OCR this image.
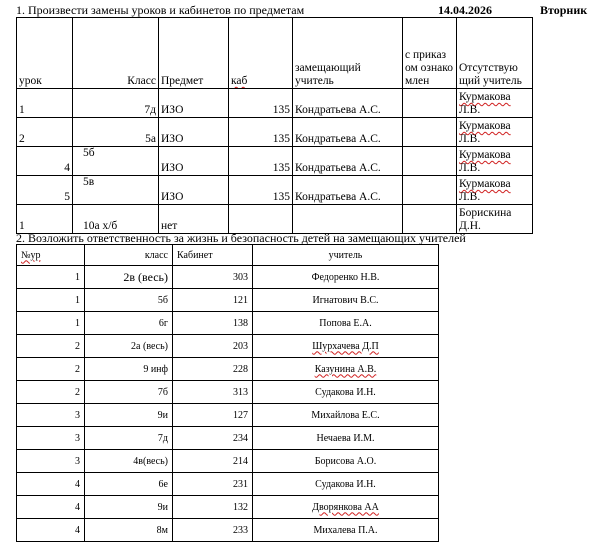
1. Произвести замены уроков и кабинетов по предметам	14.04.2026	Вторник
урок	Класс	Предмет	каб	замещающий учитель	с приказ ом ознако млен	Отсутствую щий учитель
1	7д	ИЗО	135	Кондратьева А.С.		Курмакова
Л.В.
2	5а	ИЗО	135	Кондратьева А.С.		Курмакова
Л.В.
4	5б	ИЗО	135	Кондратьева А.С.		Курмакова
Л.В.
5	5в	ИЗО	135	Кондратьева А.С.		Курмакова
Л.В.
1	10а х/б	нет				Борискина
Д.Н.
2. Возложить ответственность за жизнь и безопасность детей на замещающих учителей
№ур	класс	Кабинет	учитель
1	2в (весь)	303	Федоренко Н.В.
1	5б	121	Игнатович В.С.
1	6г	138	Попова Е.А.
2	2а (весь)	203	Шурхачева Д.П
2	9 инф	228	Казунина А.В.
2	7б	313	Судакова И.Н.
3	9и	127	Михайлова Е.С.
3	7д	234	Нечаева И.М.
3	4в(весь)	214	Борисова А.О.
4	6е	231	Судакова И.Н.
4	9и	132	Дворянкова АА
4	8м	233	Михалева П.А.
